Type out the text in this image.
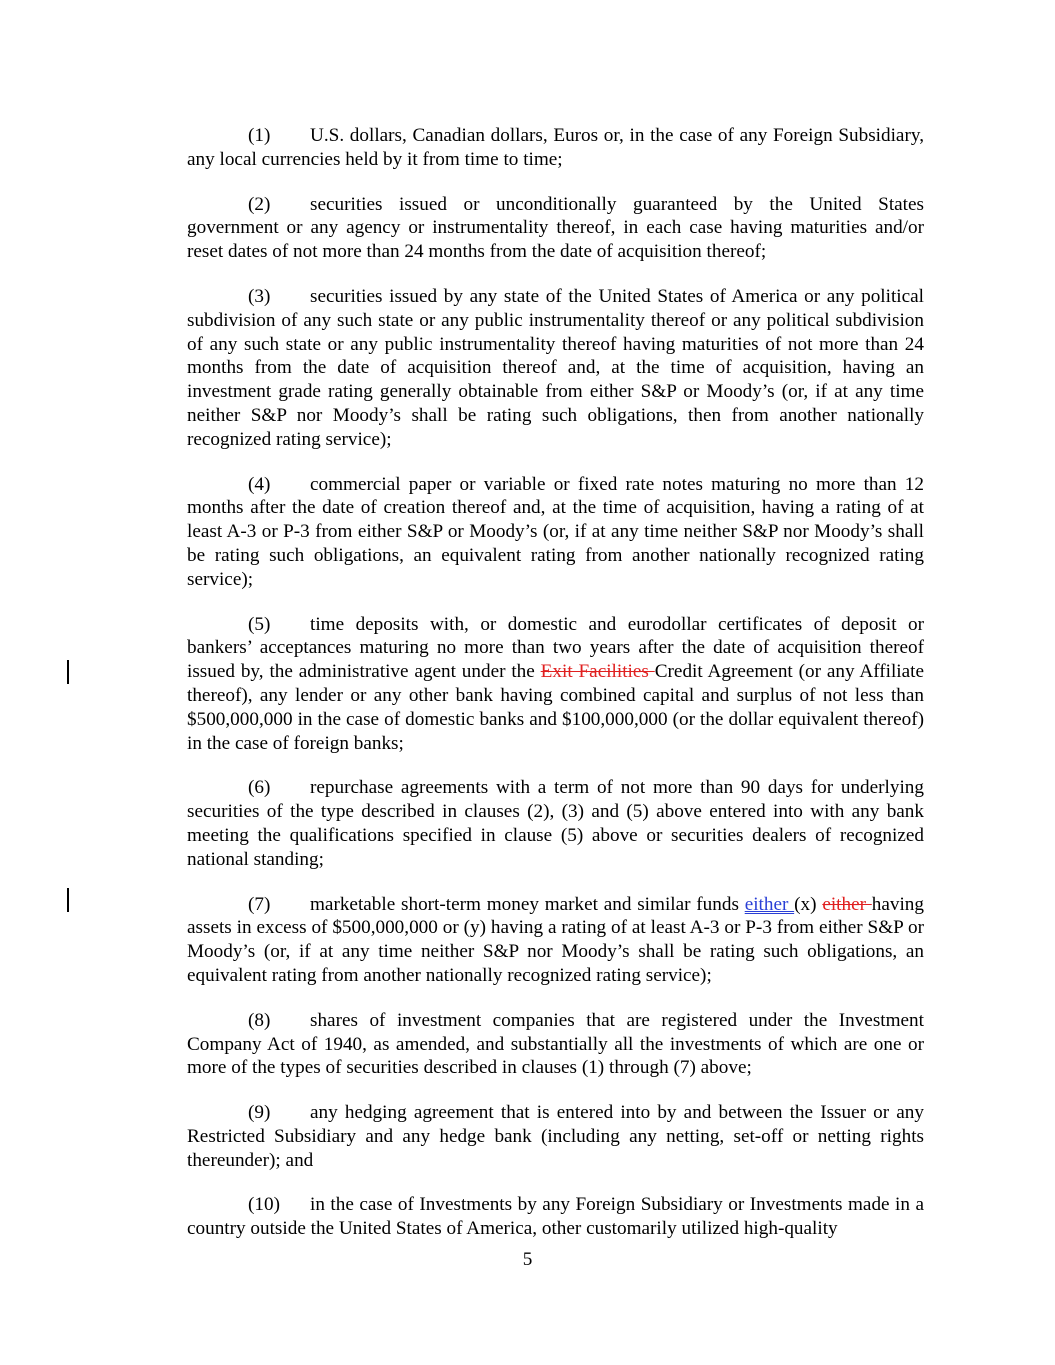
(1) U.S. dollars, Canadian dollars, Euros or, in the case of any Foreign Subsidiary, any local currencies held by it from time to time;

(2) securities issued or unconditionally guaranteed by the United States government or any agency or instrumentality thereof, in each case having maturities and/or reset dates of not more than 24 months from the date of acquisition thereof;

(3) securities issued by any state of the United States of America or any political subdivision of any such state or any public instrumentality thereof or any political subdivision of any such state or any public instrumentality thereof having maturities of not more than 24 months from the date of acquisition thereof and, at the time of acquisition, having an investment grade rating generally obtainable from either S&P or Moody’s (or, if at any time neither S&P nor Moody’s shall be rating such obligations, then from another nationally recognized rating service);

(4) commercial paper or variable or fixed rate notes maturing no more than 12 months after the date of creation thereof and, at the time of acquisition, having a rating of at least A-3 or P-3 from either S&P or Moody’s (or, if at any time neither S&P nor Moody’s shall be rating such obligations, an equivalent rating from another nationally recognized rating service);

(5) time deposits with, or domestic and eurodollar certificates of deposit or bankers’ acceptances maturing no more than two years after the date of acquisition thereof issued by, the administrative agent under the Exit Facilities Credit Agreement (or any Affiliate thereof), any lender or any other bank having combined capital and surplus of not less than $500,000,000 in the case of domestic banks and $100,000,000 (or the dollar equivalent thereof) in the case of foreign banks;

(6) repurchase agreements with a term of not more than 90 days for underlying securities of the type described in clauses (2), (3) and (5) above entered into with any bank meeting the qualifications specified in clause (5) above or securities dealers of recognized national standing;

(7) marketable short-term money market and similar funds either (x) either having assets in excess of $500,000,000 or (y) having a rating of at least A-3 or P-3 from either S&P or Moody’s (or, if at any time neither S&P nor Moody’s shall be rating such obligations, an equivalent rating from another nationally recognized rating service);

(8) shares of investment companies that are registered under the Investment Company Act of 1940, as amended, and substantially all the investments of which are one or more of the types of securities described in clauses (1) through (7) above;

(9) any hedging agreement that is entered into by and between the Issuer or any Restricted Subsidiary and any hedge bank (including any netting, set-off or netting rights thereunder); and

(10) in the case of Investments by any Foreign Subsidiary or Investments made in a country outside the United States of America, other customarily utilized high-quality

5
